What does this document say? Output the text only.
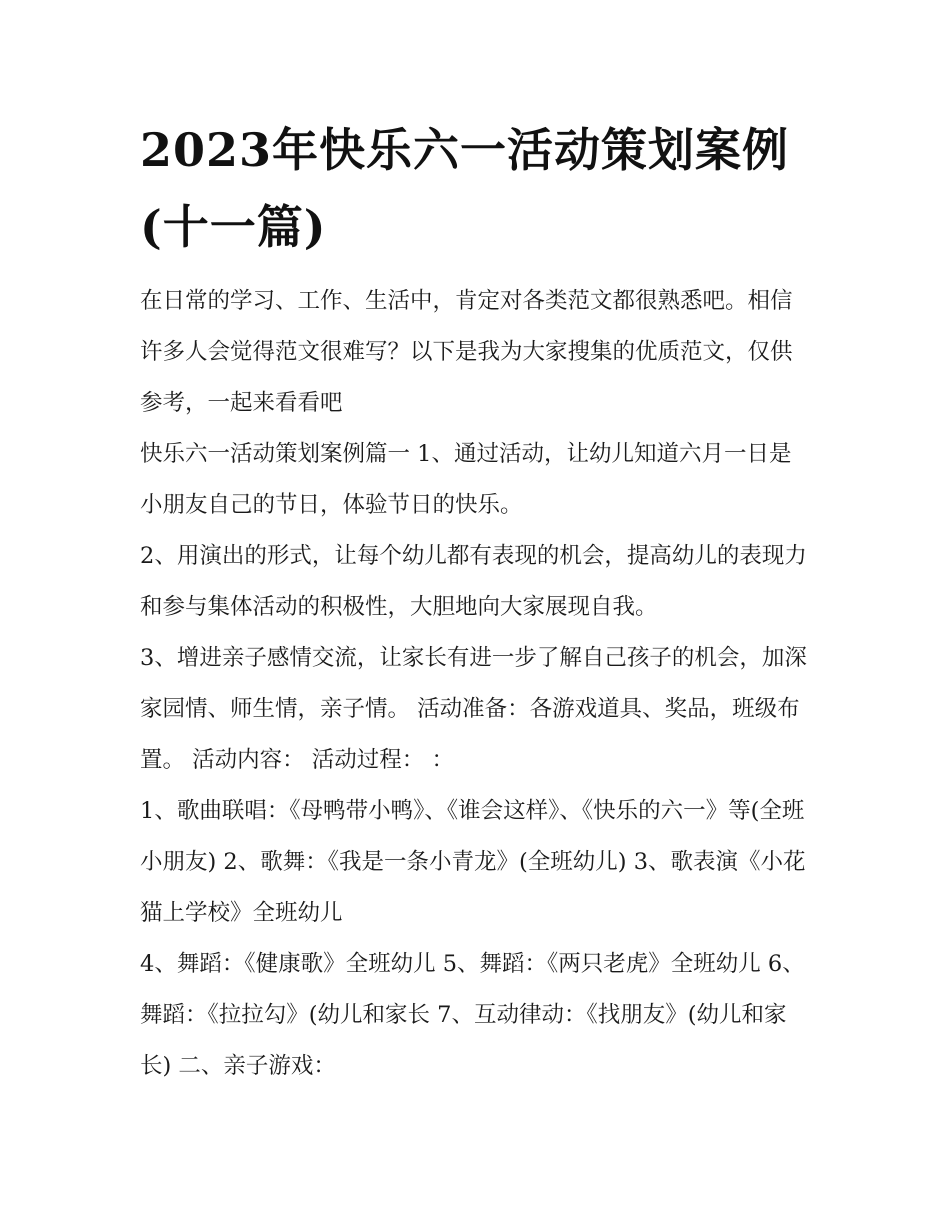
2023年快乐六一活动策划案例(十一篇)

在日常的学习、工作、生活中，肯定对各类范文都很熟悉吧。相信许多人会觉得范文很难写？以下是我为大家搜集的优质范文，仅供参考，一起来看看吧

快乐六一活动策划案例篇一 1、通过活动，让幼儿知道六月一日是小朋友自己的节日，体验节日的快乐。

2、用演出的形式，让每个幼儿都有表现的机会，提高幼儿的表现力和参与集体活动的积极性，大胆地向大家展现自我。

3、增进亲子感情交流，让家长有进一步了解自己孩子的机会，加深家园情、师生情，亲子情。 活动准备：各游戏道具、奖品，班级布置。 活动内容： 活动过程： ：

1、歌曲联唱：《母鸭带小鸭》、《谁会这样》、《快乐的六一》等(全班小朋友) 2、歌舞：《我是一条小青龙》(全班幼儿) 3、歌表演《小花猫上学校》全班幼儿

4、舞蹈：《健康歌》全班幼儿 5、舞蹈：《两只老虎》全班幼儿 6、舞蹈：《拉拉勾》(幼儿和家长 7、互动律动：《找朋友》(幼儿和家长) 二、亲子游戏：
